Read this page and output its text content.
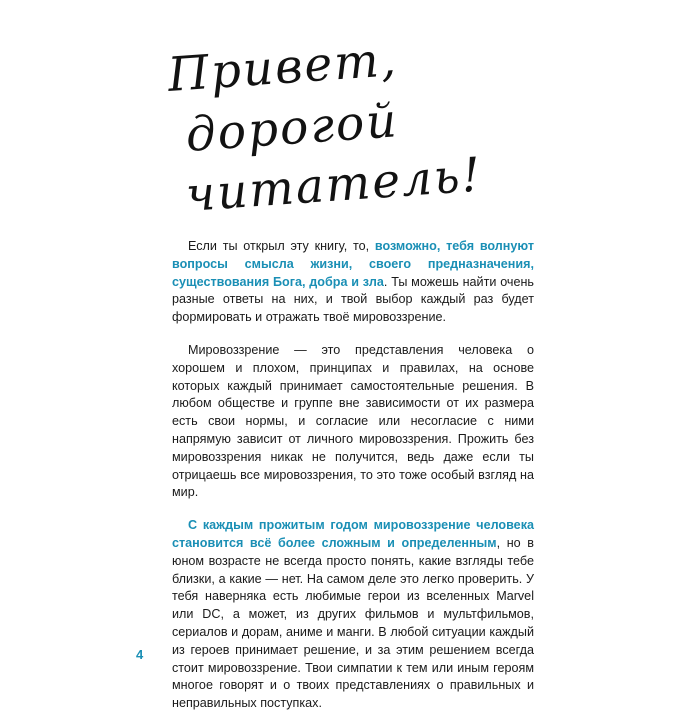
Привет,
дорогой
читатель!

Если ты открыл эту книгу, то, возможно, тебя волнуют вопросы смысла жизни, своего предназначения, существования Бога, добра и зла. Ты можешь найти очень разные ответы на них, и твой выбор каждый раз будет формировать и отражать твоё мировоззрение.

Мировоззрение — это представления человека о хорошем и плохом, принципах и правилах, на основе которых каждый принимает самостоятельные решения. В любом обществе и группе вне зависимости от их размера есть свои нормы, и согласие или несогласие с ними напрямую зависит от личного мировоззрения. Прожить без мировоззрения никак не получится, ведь даже если ты отрицаешь все мировоззрения, то это тоже особый взгляд на мир.

С каждым прожитым годом мировоззрение человека становится всё более сложным и определенным, но в юном возрасте не всегда просто понять, какие взгляды тебе близки, а какие — нет. На самом деле это легко проверить. У тебя наверняка есть любимые герои из вселенных Marvel или DC, а может, из других фильмов и мультфильмов, сериалов и дорам, аниме и манги. В любой ситуации каждый из героев принимает решение, и за этим решением всегда стоит мировоззрение. Твои симпатии к тем или иным героям многое говорят и о твоих представлениях о правильных и неправильных поступках.

4
